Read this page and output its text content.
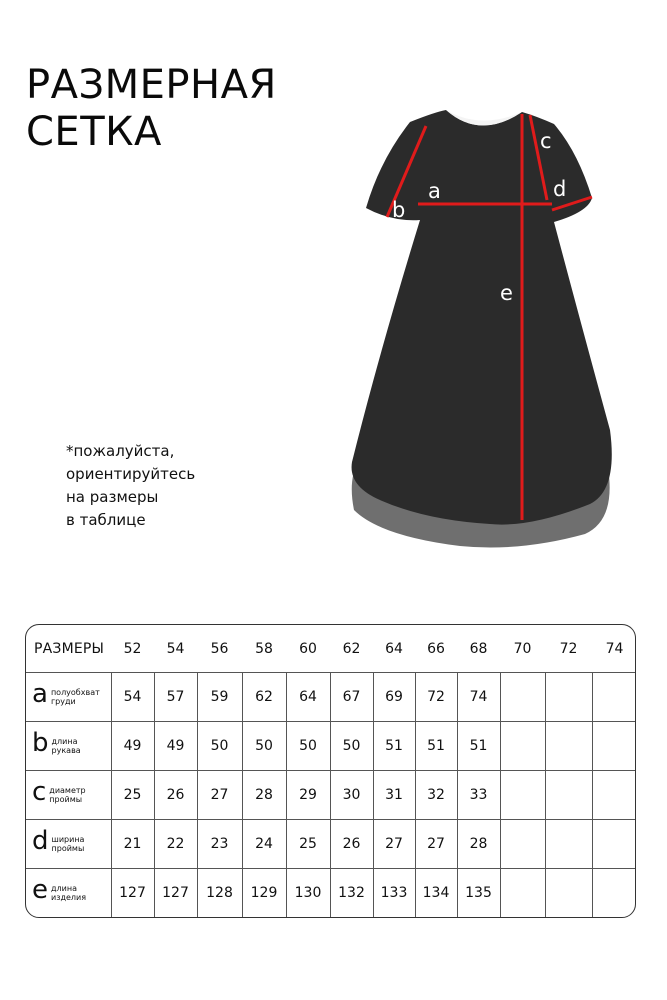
РАЗМЕРНАЯ
СЕТКА
*пожалуйста,
ориентируйтесь
на размеры
в таблице
a
b
c
d
e
РАЗМЕРЫ	52	54	56	58	60	62	64	66	68	70	72	74
a полуобхват
груди	54	57	59	62	64	67	69	72	74			
b длина
рукава	49	49	50	50	50	50	51	51	51			
c диаметр
проймы	25	26	27	28	29	30	31	32	33			
d ширина
проймы	21	22	23	24	25	26	27	27	28			
e длина
изделия	127	127	128	129	130	132	133	134	135			
